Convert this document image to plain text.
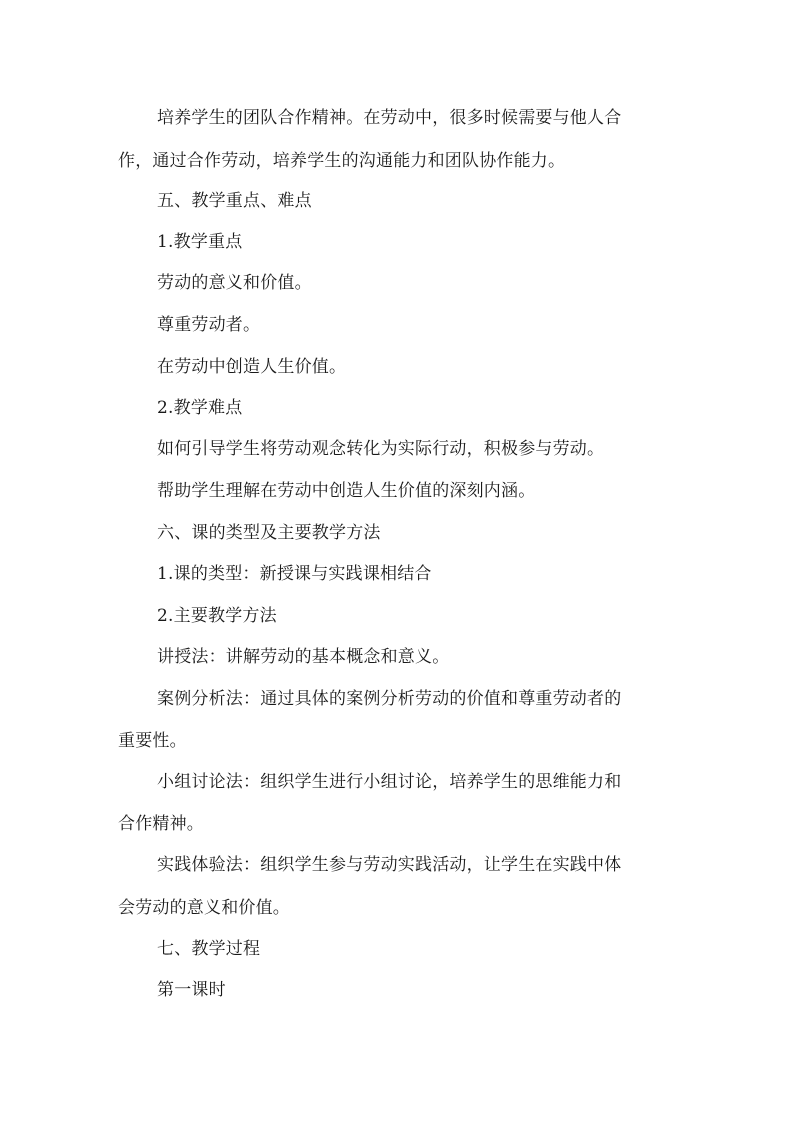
培养学生的团队合作精神。在劳动中，很多时候需要与他人合
作，通过合作劳动，培养学生的沟通能力和团队协作能力。
五、教学重点、难点
1.教学重点
劳动的意义和价值。
尊重劳动者。
在劳动中创造人生价值。
2.教学难点
如何引导学生将劳动观念转化为实际行动，积极参与劳动。
帮助学生理解在劳动中创造人生价值的深刻内涵。
六、课的类型及主要教学方法
1.课的类型：新授课与实践课相结合
2.主要教学方法
讲授法：讲解劳动的基本概念和意义。
案例分析法：通过具体的案例分析劳动的价值和尊重劳动者的
重要性。
小组讨论法：组织学生进行小组讨论，培养学生的思维能力和
合作精神。
实践体验法：组织学生参与劳动实践活动，让学生在实践中体
会劳动的意义和价值。
七、教学过程
第一课时
